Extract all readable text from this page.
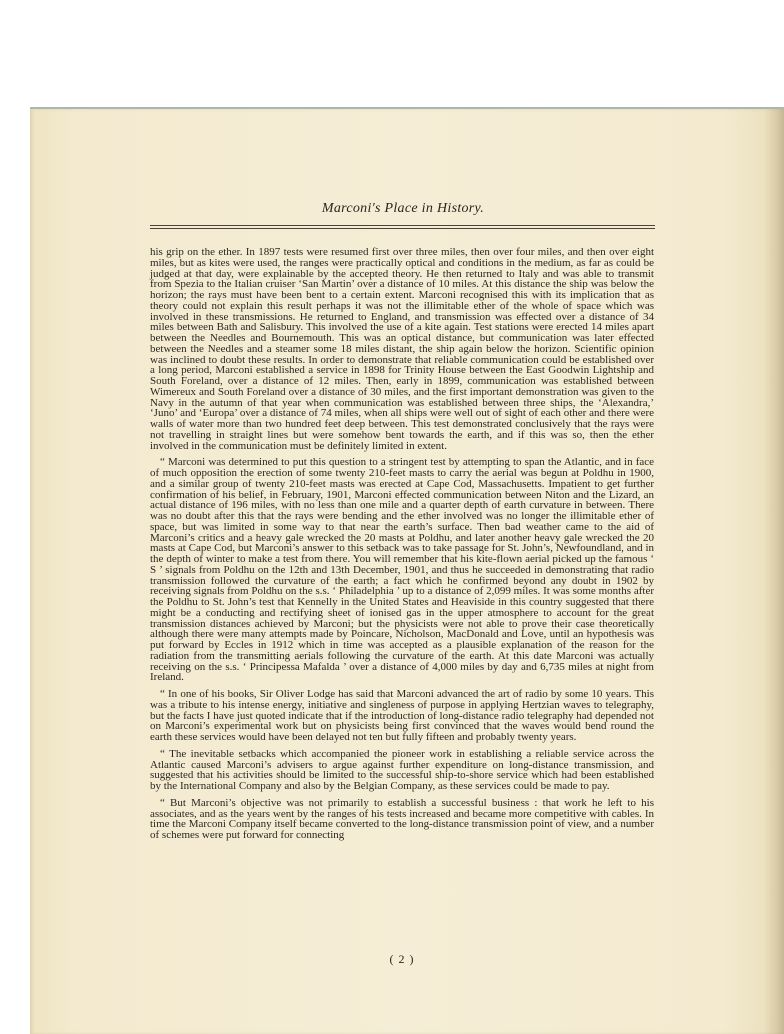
Marconi's Place in History.

his grip on the ether. In 1897 tests were resumed first over three miles, then over four miles, and then over eight miles, but as kites were used, the ranges were practically optical and conditions in the medium, as far as could be judged at that day, were explainable by the accepted theory. He then returned to Italy and was able to transmit from Spezia to the Italian cruiser ‘San Martin’ over a distance of 10 miles. At this distance the ship was below the horizon; the rays must have been bent to a certain extent. Marconi recognised this with its implication that as theory could not explain this result perhaps it was not the illimitable ether of the whole of space which was involved in these transmissions. He returned to England, and transmission was effected over a distance of 34 miles between Bath and Salisbury. This involved the use of a kite again. Test stations were erected 14 miles apart between the Needles and Bournemouth. This was an optical distance, but communication was later effected between the Needles and a steamer some 18 miles distant, the ship again below the horizon. Scientific opinion was inclined to doubt these results. In order to demonstrate that reliable communication could be established over a long period, Marconi established a service in 1898 for Trinity House between the East Goodwin Lightship and South Foreland, over a distance of 12 miles. Then, early in 1899, communication was established between Wimereux and South Foreland over a distance of 30 miles, and the first important demonstration was given to the Navy in the autumn of that year when communication was established between three ships, the ‘Alexandra,’ ‘Juno’ and ‘Europa’ over a distance of 74 miles, when all ships were well out of sight of each other and there were walls of water more than two hundred feet deep between. This test demonstrated conclusively that the rays were not travelling in straight lines but were somehow bent towards the earth, and if this was so, then the ether involved in the communication must be definitely limited in extent.

“ Marconi was determined to put this question to a stringent test by attempting to span the Atlantic, and in face of much opposition the erection of some twenty 210-feet masts to carry the aerial was begun at Poldhu in 1900, and a similar group of twenty 210-feet masts was erected at Cape Cod, Massachusetts. Impatient to get further confirmation of his belief, in February, 1901, Marconi effected communication between Niton and the Lizard, an actual distance of 196 miles, with no less than one mile and a quarter depth of earth curvature in between. There was no doubt after this that the rays were bending and the ether involved was no longer the illimitable ether of space, but was limited in some way to that near the earth’s surface. Then bad weather came to the aid of Marconi’s critics and a heavy gale wrecked the 20 masts at Poldhu, and later another heavy gale wrecked the 20 masts at Cape Cod, but Marconi’s answer to this setback was to take passage for St. John’s, Newfoundland, and in the depth of winter to make a test from there. You will remember that his kite-flown aerial picked up the famous ‘ S ’ signals from Poldhu on the 12th and 13th December, 1901, and thus he succeeded in demonstrating that radio transmission followed the curvature of the earth; a fact which he confirmed beyond any doubt in 1902 by receiving signals from Poldhu on the s.s. ‘ Philadelphia ’ up to a distance of 2,099 miles. It was some months after the Poldhu to St. John’s test that Kennelly in the United States and Heaviside in this country suggested that there might be a conducting and rectifying sheet of ionised gas in the upper atmosphere to account for the great transmission distances achieved by Marconi; but the physicists were not able to prove their case theoretically although there were many attempts made by Poincare, Nicholson, MacDonald and Love, until an hypothesis was put forward by Eccles in 1912 which in time was accepted as a plausible explanation of the reason for the radiation from the transmitting aerials following the curvature of the earth. At this date Marconi was actually receiving on the s.s. ‘ Principessa Mafalda ’ over a distance of 4,000 miles by day and 6,735 miles at night from Ireland.

“ In one of his books, Sir Oliver Lodge has said that Marconi advanced the art of radio by some 10 years. This was a tribute to his intense energy, initiative and singleness of purpose in applying Hertzian waves to telegraphy, but the facts I have just quoted indicate that if the introduction of long-distance radio telegraphy had depended not on Marconi’s experimental work but on physicists being first convinced that the waves would bend round the earth these services would have been delayed not ten but fully fifteen and probably twenty years.

“ The inevitable setbacks which accompanied the pioneer work in establishing a reliable service across the Atlantic caused Marconi’s advisers to argue against further expenditure on long-distance transmission, and suggested that his activities should be limited to the successful ship-to-shore service which had been established by the International Company and also by the Belgian Company, as these services could be made to pay.

“ But Marconi’s objective was not primarily to establish a successful business : that work he left to his associates, and as the years went by the ranges of his tests increased and became more competitive with cables. In time the Marconi Company itself became converted to the long-distance transmission point of view, and a number of schemes were put forward for connecting

( 2 )
